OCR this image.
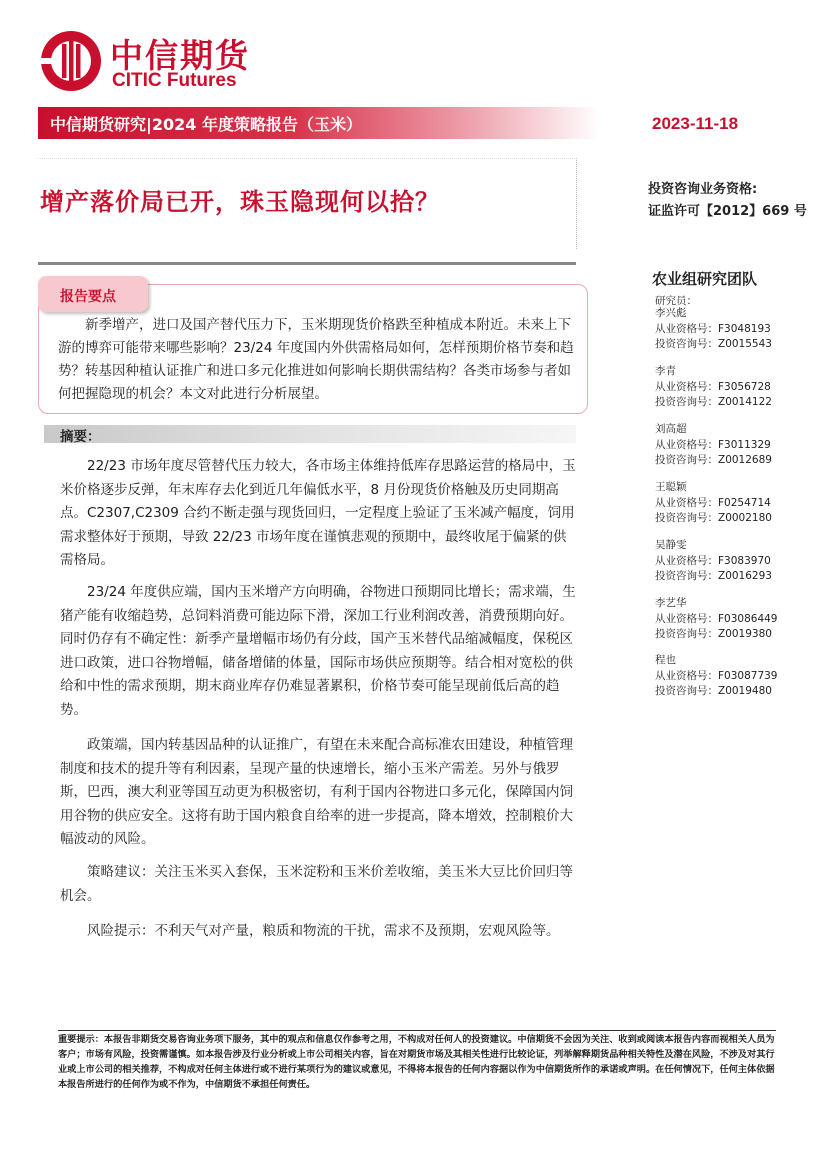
中信期货
CITIC Futures
中信期货研究|2024 年度策略报告（玉米）	2023-11-18
增产落价局已开，珠玉隐现何以拾？	投资咨询业务资格:
证监许可【2012】669 号
报告要点
新季增产，进口及国产替代压力下，玉米期现货价格跌至种植成本附近。未来上下游的博弈可能带来哪些影响？23/24 年度国内外供需格局如何，怎样预期价格节奏和趋势？转基因种植认证推广和进口多元化推进如何影响长期供需结构？各类市场参与者如何把握隐现的机会？本文对此进行分析展望。
摘要：
22/23 市场年度尽管替代压力较大，各市场主体维持低库存思路运营的格局中，玉米价格逐步反弹，年末库存去化到近几年偏低水平，8 月份现货价格触及历史同期高点。C2307,C2309 合约不断走强与现货回归，一定程度上验证了玉米减产幅度，饲用需求整体好于预期，导致 22/23 市场年度在谨慎悲观的预期中，最终收尾于偏紧的供需格局。
23/24 年度供应端，国内玉米增产方向明确，谷物进口预期同比增长；需求端，生猪产能有收缩趋势，总饲料消费可能边际下滑，深加工行业利润改善，消费预期向好。同时仍存有不确定性：新季产量增幅市场仍有分歧，国产玉米替代品缩减幅度，保税区进口政策，进口谷物增幅，储备增储的体量，国际市场供应预期等。结合相对宽松的供给和中性的需求预期，期末商业库存仍难显著累积，价格节奏可能呈现前低后高的趋势。
政策端，国内转基因品种的认证推广，有望在未来配合高标准农田建设，种植管理制度和技术的提升等有利因素，呈现产量的快速增长，缩小玉米产需差。另外与俄罗斯，巴西，澳大利亚等国互动更为积极密切，有利于国内谷物进口多元化，保障国内饲用谷物的供应安全。这将有助于国内粮食自给率的进一步提高，降本增效，控制粮价大幅波动的风险。
策略建议：关注玉米买入套保，玉米淀粉和玉米价差收缩，美玉米大豆比价回归等机会。
风险提示：不利天气对产量，粮质和物流的干扰，需求不及预期，宏观风险等。
农业组研究团队
研究员：
李兴彪
从业资格号：F3048193
投资咨询号：Z0015543
李青
从业资格号：F3056728
投资咨询号：Z0014122
刘高超
从业资格号：F3011329
投资咨询号：Z0012689
王聪颖
从业资格号：F0254714
投资咨询号：Z0002180
吴静雯
从业资格号：F3083970
投资咨询号：Z0016293
李艺华
从业资格号：F03086449
投资咨询号：Z0019380
程也
从业资格号：F03087739
投资咨询号：Z0019480
重要提示：本报告非期货交易咨询业务项下服务，其中的观点和信息仅作参考之用，不构成对任何人的投资建议。中信期货不会因为关注、收到或阅读本报告内容而视相关人员为客户；市场有风险，投资需谨慎。如本报告涉及行业分析或上市公司相关内容，旨在对期货市场及其相关性进行比较论证，列举解释期货品种相关特性及潜在风险，不涉及对其行业或上市公司的相关推荐，不构成对任何主体进行或不进行某项行为的建议或意见，不得将本报告的任何内容据以作为中信期货所作的承诺或声明。在任何情况下，任何主体依据本报告所进行的任何作为或不作为，中信期货不承担任何责任。
